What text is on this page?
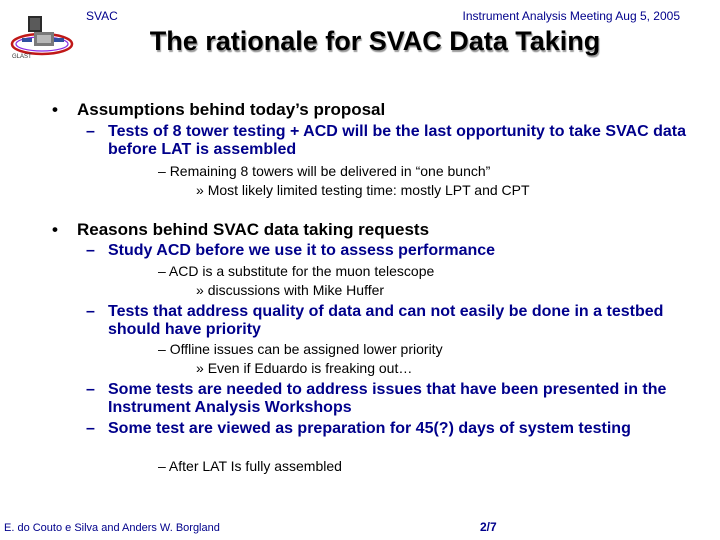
GLAST
SVAC	Instrument Analysis Meeting Aug 5, 2005
The rationale for SVAC Data Taking
• Assumptions behind today’s proposal
– Tests of 8 tower testing + ACD will be the last opportunity to take SVAC data before LAT is assembled
– Remaining 8 towers will be delivered in “one bunch”
» Most likely limited testing time: mostly LPT and CPT
• Reasons behind SVAC data taking requests
– Study ACD before we use it to assess performance
– ACD is a substitute for the muon telescope
» discussions with Mike Huffer
– Tests that address quality of data and can not easily be done in a testbed should have priority
– Offline issues can be assigned lower priority
» Even if Eduardo is freaking out…
– Some tests are needed to address issues that have been presented in the Instrument Analysis Workshops
– Some test are viewed as preparation for 45(?) days of system testing
– After LAT Is fully assembled
E. do Couto e Silva and Anders W. Borgland	2/7
